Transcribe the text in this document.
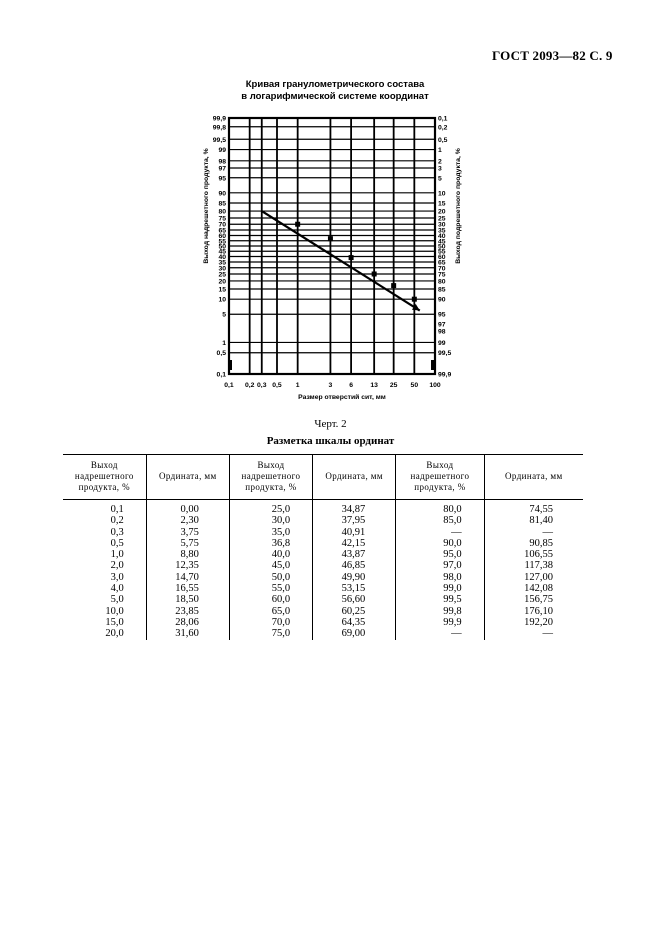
ГОСТ 2093—82 С. 9
Кривая гранулометрического состава
в логарифмической системе координат
99,9
99,8
99,5
99
98
97
95
90
85
80
75
70
65
60
55
50
45
40
35
30
25
20
15
10
5
1
0,5
0,1
0,1
0,2
0,5
1
2
3
5
10
15
20
25
30
35
40
45
50
55
60
65
70
75
80
85
90
95
97
98
99
99,5
99,9
0,1 0,2 0,3 0,5 1	3 6	13 25 50 100
Размер отверстий сит, мм
Выход надрешетного продукта, %	Выход подрешетного продукта, %
Черт. 2
Разметка шкалы ординат
Выход надрешетного продукта, %	Ордината, мм	Выход надрешетного продукта, %	Ордината, мм	Выход надрешетного продукта, %	Ордината, мм
0,1	0,00	25,0	34,87	80,0	74,55
0,2	2,30	30,0	37,95	85,0	81,40
0,3	3,75	35,0	40,91	—	—
0,5	5,75	36,8	42,15	90,0	90,85
1,0	8,80	40,0	43,87	95,0	106,55
2,0	12,35	45,0	46,85	97,0	117,38
3,0	14,70	50,0	49,90	98,0	127,00
4,0	16,55	55,0	53,15	99,0	142,08
5,0	18,50	60,0	56,60	99,5	156,75
10,0	23,85	65,0	60,25	99,8	176,10
15,0	28,06	70,0	64,35	99,9	192,20
20,0	31,60	75,0	69,00	—	—
